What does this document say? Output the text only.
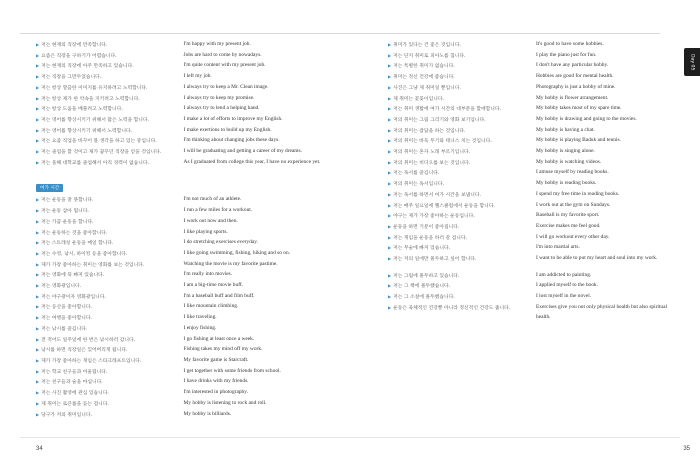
▶ 저는 현재의 직장에 만족합니다.	I'm happy with my present job.
▶ 요즘은 직장을 구하기가 어렵습니다.	Jobs are hard to come by nowadays.
▶ 저는 현재의 직장에 아주 만족하고 있습니다.	I'm quite content with my present job.
▶ 저는 직장을 그만두었습니다.	I left my job.
▶ 저는 항상 깔끔한 이미지를 유지하려고 노력합니다.	I always try to keep a Mr. Clean image.
▶ 저는 항상 제가 한 약속을 지키려고 노력합니다.	I always try to keep my promise.
▶ 저는 항상 도움을 베풀려고 노력합니다.	I always try to lend a helping hand.
▶ 저는 영어를 향상시키기 위해서 많은 노력을 합니다.	I make a lot of efforts to improve my English.
▶ 저는 영어를 향상시키기 위해서 노력합니다.	I make exertions to build up my English.
▶ 저는 요즘 직업을 바꾸어 볼 생각을 하고 있는 중입니다.	I'm thinking about changing jobs these days.
▶ 저는 졸업을 할 것이고 제가 꿈꾸던 직장을 얻을 것입니다.	I will be graduating and getting a career of my dreams.
▶ 저는 올해 대학교를 졸업해서 아직 경력이 없습니다.	As I graduated from college this year, I have no experience yet.
여가 시간
▶ 저는 운동을 잘 못합니다.	I'm not much of an athlete.
▶ 저는 운동 삼아 뜁니다.	I run a few miles for a workout.
▶ 저는 가끔 운동을 합니다.	I work out now and then.
▶ 저는 운동하는 것을 좋아합니다.	I like playing sports.
▶ 저는 스트레칭 운동을 매일 합니다.	I do stretching exercises everyday.
▶ 저는 수영, 낚시, 하이킹 등을 좋아합니다.	I like going swimming, fishing, hiking and so on.
▶ 제가 가장 좋아하는 취미는 영화를 보는 것입니다.	Watching the movie is my favorite pastime.
▶ 저는 영화에 푹 빠져 있습니다.	I'm really into movies.
▶ 저는 영화광입니다.	I am a big-time movie buff.
▶ 저는 야구광이자 영화광입니다.	I'm a baseball buff and film buff.
▶ 저는 등산을 좋아합니다.	I like mountain climbing.
▶ 저는 여행을 좋아합니다.	I like traveling.
▶ 저는 낚시를 즐깁니다.	I enjoy fishing.
▶ 전 적어도 일주일에 한 번은 낚시하러 갑니다.	I go fishing at least once a week.
▶ 낚시를 하면 직장일은 잊어버리게 됩니다.	Fishing takes my mind off my work.
▶ 제가 가장 좋아하는 게임은 스타크래프트입니다.	My favorite game is Starcraft.
▶ 저는 학교 친구들과 어울립니다.	I get together with some friends from school.
▶ 저는 친구들과 술을 마십니다.	I have drinks with my friends.
▶ 저는 사진 촬영에 관심 있습니다.	I'm interested in photography.
▶ 제 취미는 로큰롤을 듣는 겁니다.	My hobby is listening to rock and roll.
▶ 당구가 저의 취미입니다.	My hobby is billiards.
▶ 취미가 있다는 건 좋은 것입니다.	It's good to have some hobbies.
▶ 저는 단지 취미로 피아노를 칩니다.	I play the piano just for fun.
▶ 저는 특별한 취미가 없습니다.	I don't have any particular hobby.
▶ 취미는 정신 건강에 좋습니다.	Hobbies are good for mental health.
▶ 사진은 그냥 제 취미일 뿐입니다.	Photography is just a hobby of mine.
▶ 제 취미는 꽃꽂이입니다.	My hobby is flower arrangement.
▶ 저는 취미 생활에 여가 시간의 대부분을 할애합니다.	My hobby takes most of my spare time.
▶ 저의 취미는 그림 그리기와 영화 보기입니다.	My hobby is drawing and going to the movies.
▶ 저의 취미는 잡담을 하는 것입니다.	My hobby is having a chat.
▶ 저의 취미는 바둑 두기와 테니스 치는 것입니다.	My hobby is playing Baduk and tennis.
▶ 저의 취미는 혼자 노래 부르기입니다.	My hobby is singing alone.
▶ 저의 취미는 비디오를 보는 것입니다.	My hobby is watching videos.
▶ 저는 독서를 즐깁니다.	I amuse myself by reading books.
▶ 저의 취미는 독서입니다.	My hobby is reading books.
▶ 저는 독서를 하면서 여가 시간을 보냅니다.	I spend my free time in reading books.
▶ 저는 매주 일요일에 헬스클럽에서 운동을 합니다.	I work out at the gym on Sundays.
▶ 야구는 제가 가장 좋아하는 운동입니다.	Baseball is my favorite sport.
▶ 운동을 하면 기분이 좋아집니다.	Exercise makes me feel good.
▶ 저는 게임을 운동을 하러 갈 겁니다.	I will go workout every other day.
▶ 저는 무술에 빠져 있습니다.	I'm into martial arts.
▶ 저는 저의 일에만 몰두하고 싶어 합니다.	I want to be able to put my heart and soul into my work.
▶ 저는 그림에 몰두하고 있습니다.	I am addicted to painting.
▶ 저는 그 책에 몰두했습니다.	I applied myself to the book.
▶ 저는 그 소설에 몰두했습니다.	I lost myself in the novel.
▶ 운동은 육체적인 건강뿐 아니라 정신적인 건강도 줍니다.	Exercises give you not only physical health but also spiritual health.
Day 05
34	35
